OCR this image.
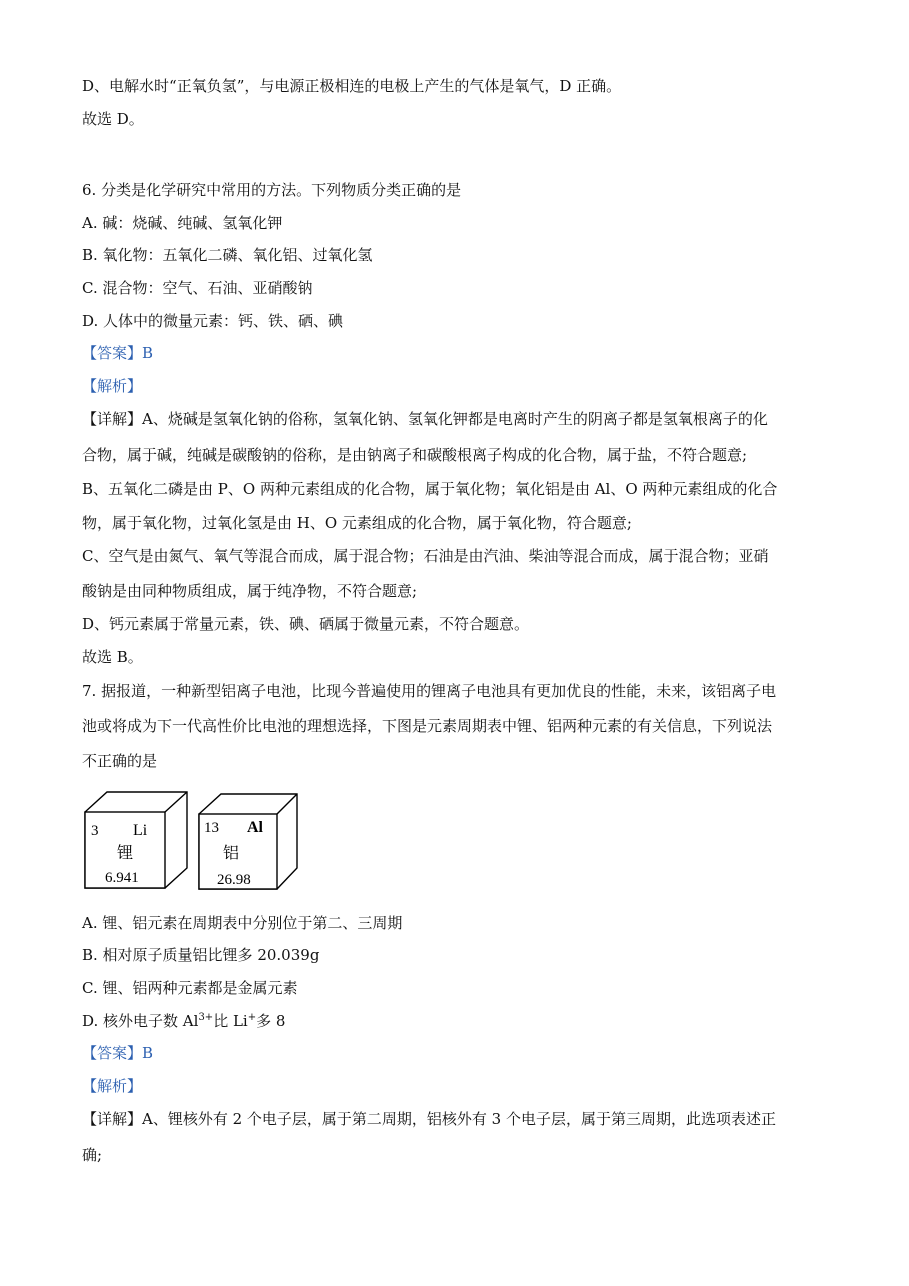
D、电解水时“正氧负氢”，与电源正极相连的电极上产生的气体是氧气，D 正确。
故选 D。
6. 分类是化学研究中常用的方法。下列物质分类正确的是
A. 碱：烧碱、纯碱、氢氧化钾
B. 氧化物：五氧化二磷、氧化铝、过氧化氢
C. 混合物：空气、石油、亚硝酸钠
D. 人体中的微量元素：钙、铁、硒、碘
【答案】B
【解析】
【详解】A、烧碱是氢氧化钠的俗称，氢氧化钠、氢氧化钾都是电离时产生的阴离子都是氢氧根离子的化
合物，属于碱，纯碱是碳酸钠的俗称，是由钠离子和碳酸根离子构成的化合物，属于盐，不符合题意;
B、五氧化二磷是由 P、O 两种元素组成的化合物，属于氧化物；氧化铝是由 Al、O 两种元素组成的化合
物，属于氧化物，过氧化氢是由 H、O 元素组成的化合物，属于氧化物，符合题意;
C、空气是由氮气、氧气等混合而成，属于混合物；石油是由汽油、柴油等混合而成，属于混合物；亚硝
酸钠是由同种物质组成，属于纯净物，不符合题意;
D、钙元素属于常量元素，铁、碘、硒属于微量元素，不符合题意。
故选 B。
7. 据报道，一种新型铝离子电池，比现今普遍使用的锂离子电池具有更加优良的性能，未来，该铝离子电
池或将成为下一代高性价比电池的理想选择，下图是元素周期表中锂、铝两种元素的有关信息，下列说法
不正确的是
3 Li
锂
6.941
13 Al
铝
26.98
A. 锂、铝元素在周期表中分别位于第二、三周期
B. 相对原子质量铝比锂多 20.039g
C. 锂、铝两种元素都是金属元素
D. 核外电子数 $Al^{3+}$比 Li+多 8
【答案】B
【解析】
【详解】A、锂核外有 2 个电子层，属于第二周期，铝核外有 3 个电子层，属于第三周期，此选项表述正
确;
